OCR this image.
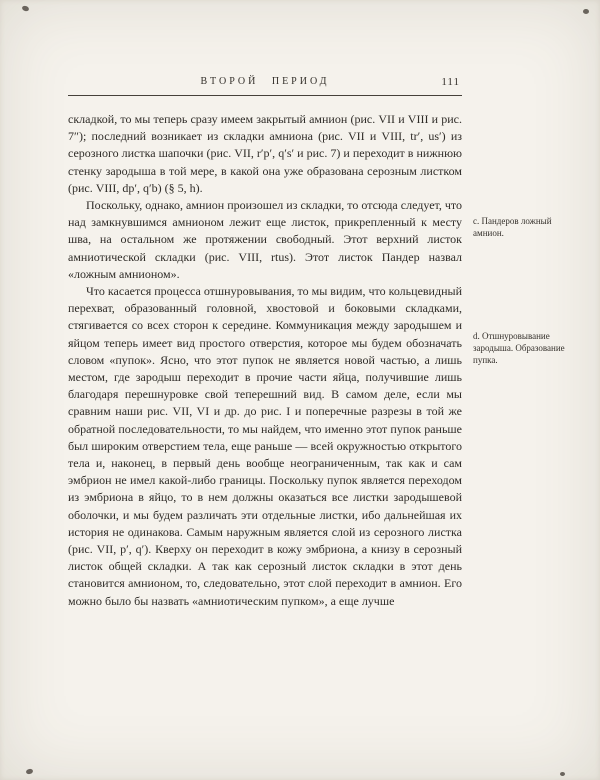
ВТОРОЙ ПЕРИОД	111

складкой, то мы теперь сразу имеем закрытый амнион (рис. VII и VIII и рис. 7″); последний возникает из складки амниона (рис. VII и VIII, tr′, us′) из серозного листка шапочки (рис. VII, r′p′, q′s′ и рис. 7) и переходит в нижнюю стенку зародыша в той мере, в какой она уже образована серозным листком (рис. VIII, dp′, q′b) (§ 5, h).

Поскольку, однако, амнион произошел из складки, то отсюда следует, что над замкнувшимся амнионом лежит еще листок, прикрепленный к месту шва, на остальном же протяжении свободный. Этот верхний листок амниотической складки (рис. VIII, rtus). Этот листок Пандер назвал «ложным амнионом».

Что касается процесса отшнуровывания, то мы видим, что кольцевидный перехват, образованный головной, хвостовой и боковыми складками, стягивается со всех сторон к середине. Коммуникация между зародышем и яйцом теперь имеет вид простого отверстия, которое мы будем обозначать словом «пупок». Ясно, что этот пупок не является новой частью, а лишь местом, где зародыш переходит в прочие части яйца, получившие лишь благодаря перешнуровке свой теперешний вид. В самом деле, если мы сравним наши рис. VII, VI и др. до рис. I и поперечные разрезы в той же обратной последовательности, то мы найдем, что именно этот пупок раньше был широким отверстием тела, еще раньше — всей окружностью открытого тела и, наконец, в первый день вообще неограниченным, так как и сам эмбрион не имел какой-либо границы. Поскольку пупок является переходом из эмбриона в яйцо, то в нем должны оказаться все листки зародышевой оболочки, и мы будем различать эти отдельные листки, ибо дальнейшая их история не одинакова. Самым наружным является слой из серозного листка (рис. VII, p′, q′). Кверху он переходит в кожу эмбриона, а книзу в серозный листок общей складки. А так как серозный листок складки в этот день становится амнионом, то, следовательно, этот слой переходит в амнион. Его можно было бы назвать «амниотическим пупком», а еще лучше

c. Пандеров ложный амнион.
d. Отшнуровывание зародыша. Образование пупка.
